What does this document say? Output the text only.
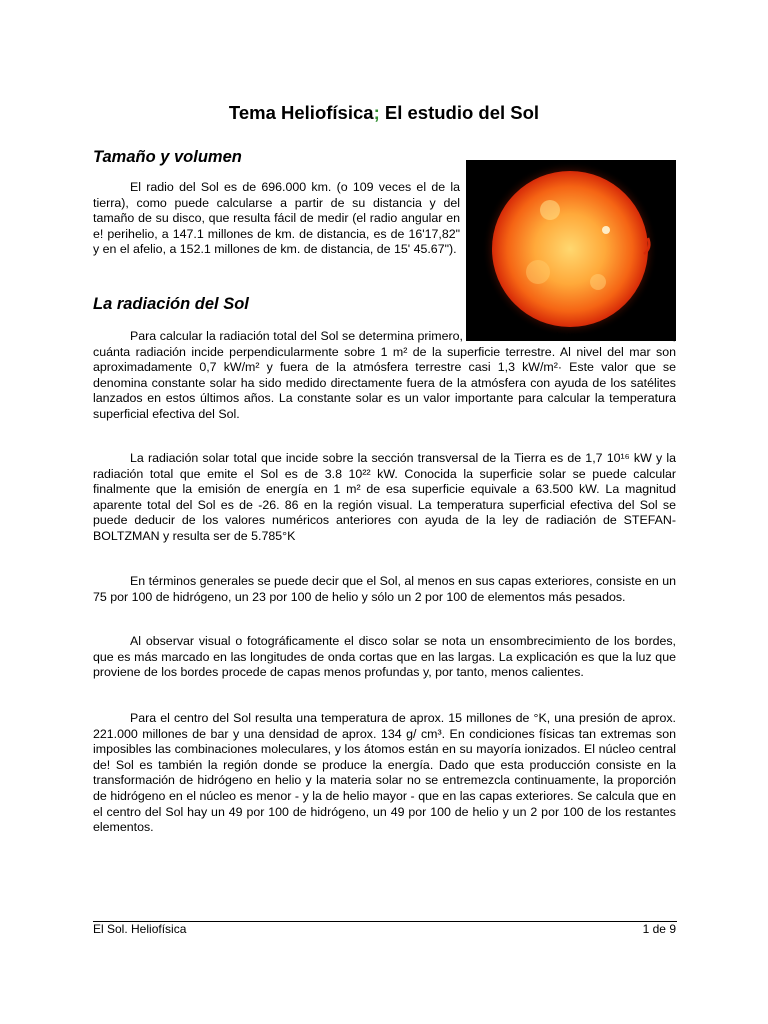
Tema Heliofísica; El estudio del Sol
Tamaño y volumen

El radio del Sol es de 696.000 km. (o 109 veces el de la tierra), como puede calcularse a partir de su distancia y del tamaño de su disco, que resulta fácil de medir (el radio angular en e! perihelio, a 147.1 millones de km. de distancia, es de 16'17,82" y en el afelio, a 152.1 millones de km. de distancia, de 15' 45.67").

La radiación del Sol

Para calcular la radiación total del Sol se determina primero, con diversos instrumentos de medida, cuánta radiación incide perpendicularmente sobre 1 m² de la superficie terrestre. Al nivel del mar son aproximadamente 0,7 kW/m² y fuera de la atmósfera terrestre casi 1,3 kW/m²· Este valor que se denomina constante solar ha sido medido directamente fuera de la atmósfera con ayuda de los satélites lanzados en estos últimos años. La constante solar es un valor importante para calcular la temperatura superficial efectiva del Sol.

La radiación solar total que incide sobre la sección transversal de la Tierra es de 1,7 10¹⁶ kW y la radiación total que emite el Sol es de 3.8 10²² kW. Conocida la superficie solar se puede calcular finalmente que la emisión de energía en 1 m² de esa superficie equivale a 63.500 kW. La magnitud aparente total del Sol es de -26. 86 en la región visual. La temperatura superficial efectiva del Sol se puede deducir de los valores numéricos anteriores con ayuda de la ley de radiación de STEFAN-BOLTZMAN y resulta ser de 5.785°K

En términos generales se puede decir que el Sol, al menos en sus capas exteriores, consiste en un 75 por 100 de hidrógeno, un 23 por 100 de helio y sólo un 2 por 100 de elementos más pesados.

Al observar visual o fotográficamente el disco solar se nota un ensombrecimiento de los bordes, que es más marcado en las longitudes de onda cortas que en las largas. La explicación es que la luz que proviene de los bordes procede de capas menos profundas y, por tanto, menos calientes.

Para el centro del Sol resulta una temperatura de aprox. 15 millones de °K, una presión de aprox. 221.000 millones de bar y una densidad de aprox. 134 g/ cm³. En condiciones físicas tan extremas son imposibles las combinaciones moleculares, y los átomos están en su mayoría ionizados. El núcleo central de! Sol es también la región donde se produce la energía. Dado que esta producción consiste en la transformación de hidrógeno en helio y la materia solar no se entremezcla continuamente, la proporción de hidrógeno en el núcleo es menor - y la de helio mayor - que en las capas exteriores. Se calcula que en el centro del Sol hay un 49 por 100 de hidrógeno, un 49 por 100 de helio y un 2 por 100 de los restantes elementos.

El Sol. Heliofísica	1 de 9
